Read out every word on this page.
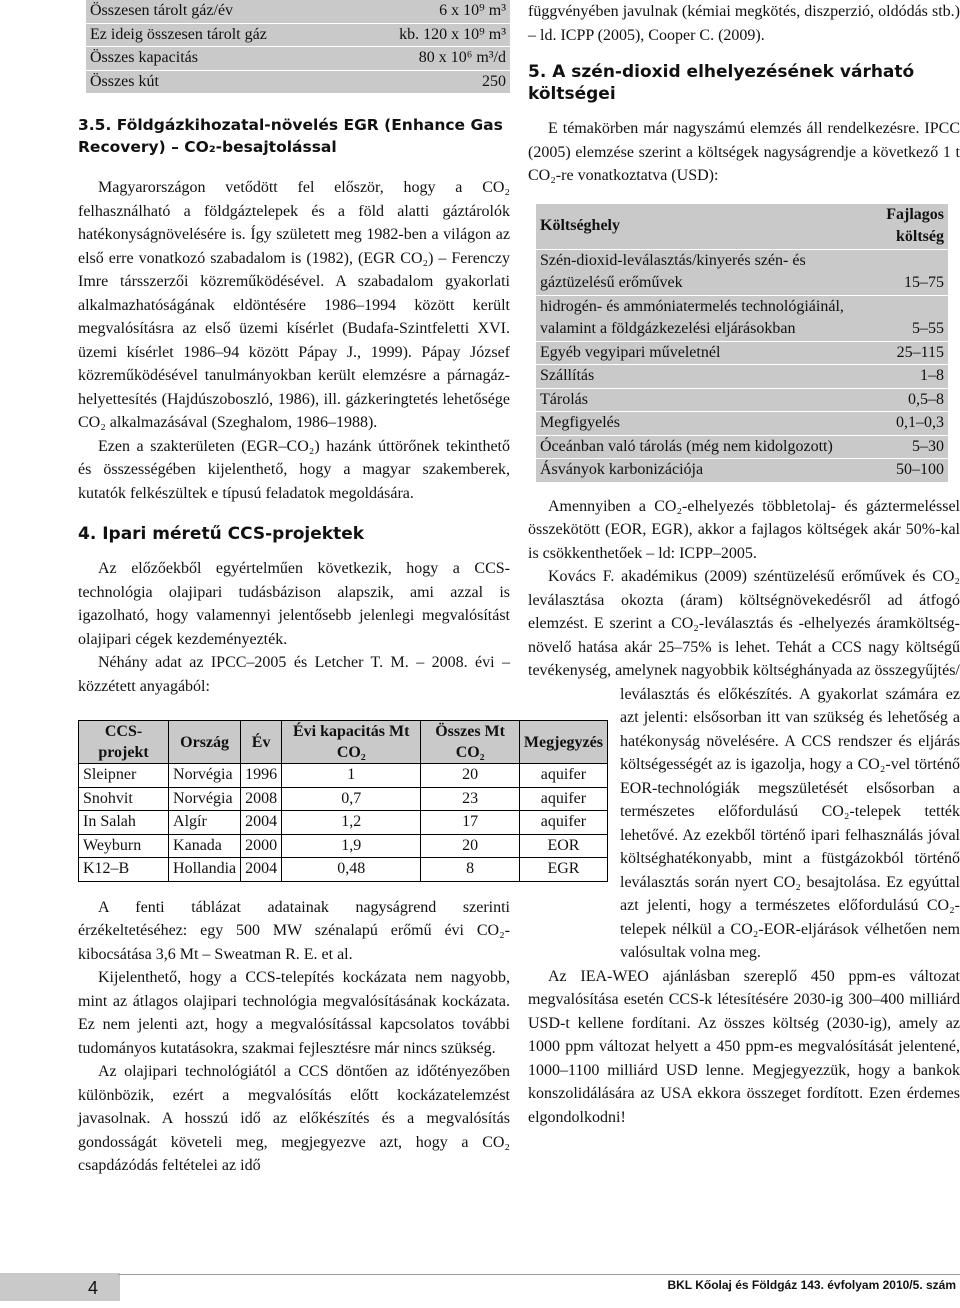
Összesen tárolt gáz/év	6 x 10⁹ m³
Ez ideig összesen tárolt gáz	kb. 120 x 10⁹ m³
Összes kapacitás	80 x 10⁶ m³/d
Összes kút	250
3.5. Földgázkihozatal-növelés EGR (Enhance Gas Recovery) – CO₂-besajtolással

Magyarországon vetődött fel először, hogy a CO₂ felhasználható a földgáztelepek és a föld alatti gáztárolók hatékonyságnövelésére is. Így született meg 1982-ben a világon az első erre vonatkozó szabadalom is (1982), (EGR CO₂) – Ferenczy Imre társszerzői közreműködésével. A szabadalom gyakorlati alkalmazhatóságának eldöntésére 1986–1994 között került megvalósításra az első üzemi kísérlet (Budafa-Szintfeletti XVI. üzemi kísérlet 1986–94 között Pápay J., 1999). Pápay József közreműködésével tanulmányokban került elemzésre a párnagáz-helyettesítés (Hajdúszoboszló, 1986), ill. gázkeringtetés lehetősége CO₂ alkalmazásával (Szeghalom, 1986–1988).

Ezen a szakterületen (EGR–CO₂) hazánk úttörőnek tekinthető és összességében kijelenthető, hogy a magyar szakemberek, kutatók felkészültek e típusú feladatok megoldására.

4. Ipari méretű CCS-projektek

Az előzőekből egyértelműen következik, hogy a CCS-technológia olajipari tudásbázison alapszik, ami azzal is igazolható, hogy valamennyi jelentősebb jelenlegi megvalósítást olajipari cégek kezdeményezték.

Néhány adat az IPCC–2005 és Letcher T. M. – 2008. évi – közzétett anyagából:

CCS-projekt	Ország	Év	Évi kapacitás Mt CO₂	Összes Mt CO₂	Megjegyzés
Sleipner	Norvégia	1996	1	20	aquifer
Snohvit	Norvégia	2008	0,7	23	aquifer
In Salah	Algír	2004	1,2	17	aquifer
Weyburn	Kanada	2000	1,9	20	EOR
K12–B	Hollandia	2004	0,48	8	EGR

A fenti táblázat adatainak nagyságrend szerinti érzékeltetéséhez: egy 500 MW szénalapú erőmű évi CO₂-kibocsátása 3,6 Mt – Sweatman R. E. et al.

Kijelenthető, hogy a CCS-telepítés kockázata nem nagyobb, mint az átlagos olajipari technológia megvalósításának kockázata. Ez nem jelenti azt, hogy a megvalósítással kapcsolatos további tudományos kutatásokra, szakmai fejlesztésre már nincs szükség.

Az olajipari technológiától a CCS döntően az időtényezőben különbözik, ezért a megvalósítás előtt kockázatelemzést javasolnak. A hosszú idő az előkészítés és a megvalósítás gondosságát követeli meg, megjegyezve azt, hogy a CO₂ csapdázódás feltételei az idő

függvényében javulnak (kémiai megkötés, diszperzió, oldódás stb.) – ld. ICPP (2005), Cooper C. (2009).

5. A szén-dioxid elhelyezésének várható költségei

E témakörben már nagyszámú elemzés áll rendelkezésre. IPCC (2005) elemzése szerint a költségek nagyságrendje a következő 1 t CO₂-re vonatkoztatva (USD):

Költséghely	Fajlagos költség
Szén-dioxid-leválasztás/kinyerés szén- és gáztüzelésű erőművek	15–75
hidrogén- és ammóniatermelés technológiáinál, valamint a földgázkezelési eljárásokban	5–55
Egyéb vegyipari műveletnél	25–115
Szállítás	1–8
Tárolás	0,5–8
Megfigyelés	0,1–0,3
Óceánban való tárolás (még nem kidolgozott)	5–30
Ásványok karbonizációja	50–100

Amennyiben a CO₂-elhelyezés többletolaj- és gáztermeléssel összekötött (EOR, EGR), akkor a fajlagos költségek akár 50%-kal is csökkenthetőek – ld: ICPP–2005.

Kovács F. akadémikus (2009) széntüzelésű erőművek és CO₂ leválasztása okozta (áram) költségnövekedésről ad átfogó elemzést. E szerint a CO₂-leválasztás és -elhelyezés áramköltség-növelő hatása akár 25–75% is lehet. Tehát a CCS nagy költségű tevékenység, amelynek nagyobbik költséghányada az összegyűjtés/

leválasztás és előkészítés. A gyakorlat számára ez azt jelenti: elsősorban itt van szükség és lehetőség a hatékonyság növelésére. A CCS rendszer és eljárás költségességét az is igazolja, hogy a CO₂-vel történő EOR-technológiák megszületését elsősorban a természetes előfordulású CO₂-telepek tették lehetővé. Az ezekből történő ipari felhasználás jóval költséghatékonyabb, mint a füstgázokból történő leválasztás során nyert CO₂ besajtolása. Ez egyúttal azt jelenti, hogy a természetes előfordulású CO₂-telepek nélkül a CO₂-EOR-eljárások vélhetően nem valósultak volna meg.

Az IEA-WEO ajánlásban szereplő 450 ppm-es változat megvalósítása esetén CCS-k létesítésére 2030-ig 300–400 milliárd USD-t kellene fordítani. Az összes költség (2030-ig), amely az 1000 ppm változat helyett a 450 ppm-es megvalósítását jelentené, 1000–1100 milliárd USD lenne. Megjegyezzük, hogy a bankok konszolidálására az USA ekkora összeget fordított. Ezen érdemes elgondolkodni!

4	BKL Kőolaj és Földgáz 143. évfolyam 2010/5. szám
